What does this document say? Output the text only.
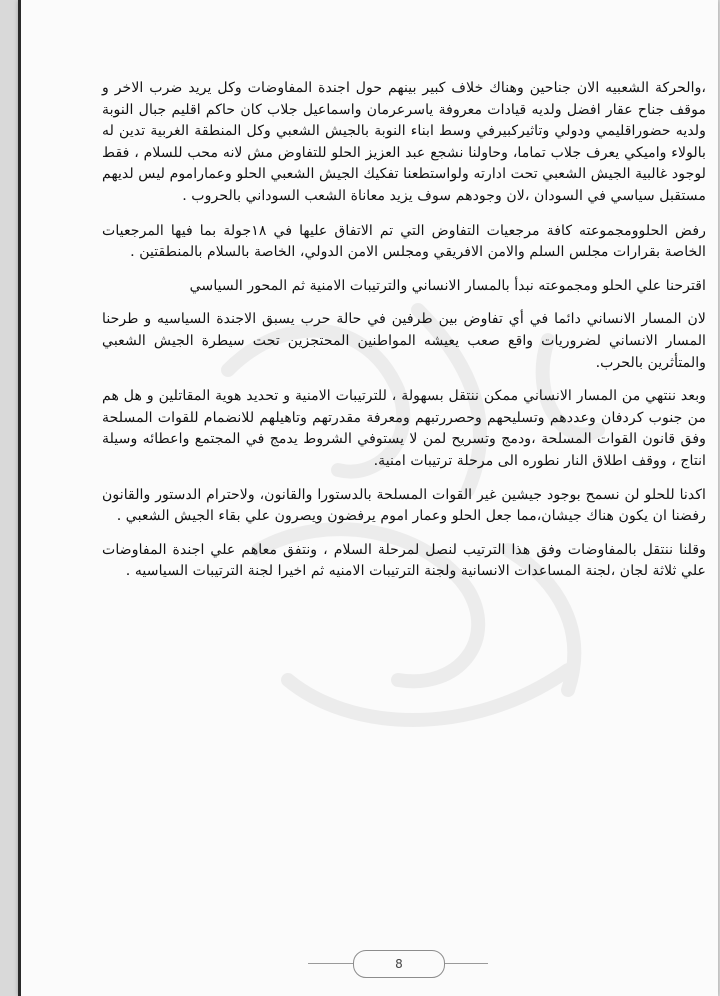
،والحركة الشعبيه الان جناحين وهناك خلاف كبير بينهم حول اجندة المفاوضات وكل يريد ضرب الاخر و موقف جناح عقار افضل ولديه قيادات معروفة ياسرعرمان واسماعيل جلاب كان حاكم اقليم جبال النوبة ولديه حضوراقليمي ودولي وتاثيركبيرفي وسط ابناء النوبة بالجيش الشعبي وكل المنطقة الغربية تدين له بالولاء واميكي يعرف جلاب تماما، وحاولنا نشجع عبد العزيز الحلو للتفاوض مش لانه محب للسلام ، فقط لوجود غالبية الجيش الشعبي تحت ادارته ولواستطعنا تفكيك الجيش الشعبي الحلو وعماراموم ليس لديهم مستقبل سياسي في السودان ،لان وجودهم سوف يزيد معاناة الشعب السوداني بالحروب .

رفض الحلوومجموعته كافة مرجعيات التفاوض التي تم الاتفاق عليها في ١٨جولة بما فيها المرجعيات الخاصة بقرارات مجلس السلم والامن الافريقي ومجلس الامن الدولي، الخاصة بالسلام بالمنطقتين .

اقترحنا علي الحلو ومجموعته نبدأ بالمسار الانساني والترتيبات الامنية ثم المحور السياسي

لان المسار الانساني دائما في أي تفاوض بين طرفين في حالة حرب يسبق الاجندة السياسيه و طرحنا المسار الانساني لضروريات واقع صعب يعيشه المواطنين المحتجزين تحت سيطرة الجيش الشعبي والمتأثرين بالحرب.

وبعد ننتهي من المسار الانساني ممكن ننتقل بسهولة ، للترتيبات الامنية و تحديد هوية المقاتلين و هل هم من جنوب كردفان وعددهم وتسليحهم وحصررتبهم ومعرفة مقدرتهم وتاهيلهم للانضمام للقوات المسلحة وفق قانون القوات المسلحة ،ودمج وتسريح لمن لا يستوفي الشروط يدمج في المجتمع واعطائه وسيلة انتاج ، ووقف اطلاق النار نطوره الى مرحلة ترتيبات امنية.

اكدنا للحلو لن نسمح بوجود جيشين غير القوات المسلحة بالدستورا والقانون، ولاحترام الدستور والقانون رفضنا ان يكون هناك جيشان،مما جعل الحلو وعمار اموم يرفضون ويصرون علي بقاء الجيش الشعبي .

وقلنا ننتقل بالمفاوضات وفق هذا الترتيب لنصل لمرحلة السلام ، ونتفق معاهم علي اجندة المفاوضات علي ثلاثة لجان ،لجنة المساعدات الانسانية ولجنة الترتيبات الامنيه ثم اخيرا لجنة الترتيبات السياسيه .

8
